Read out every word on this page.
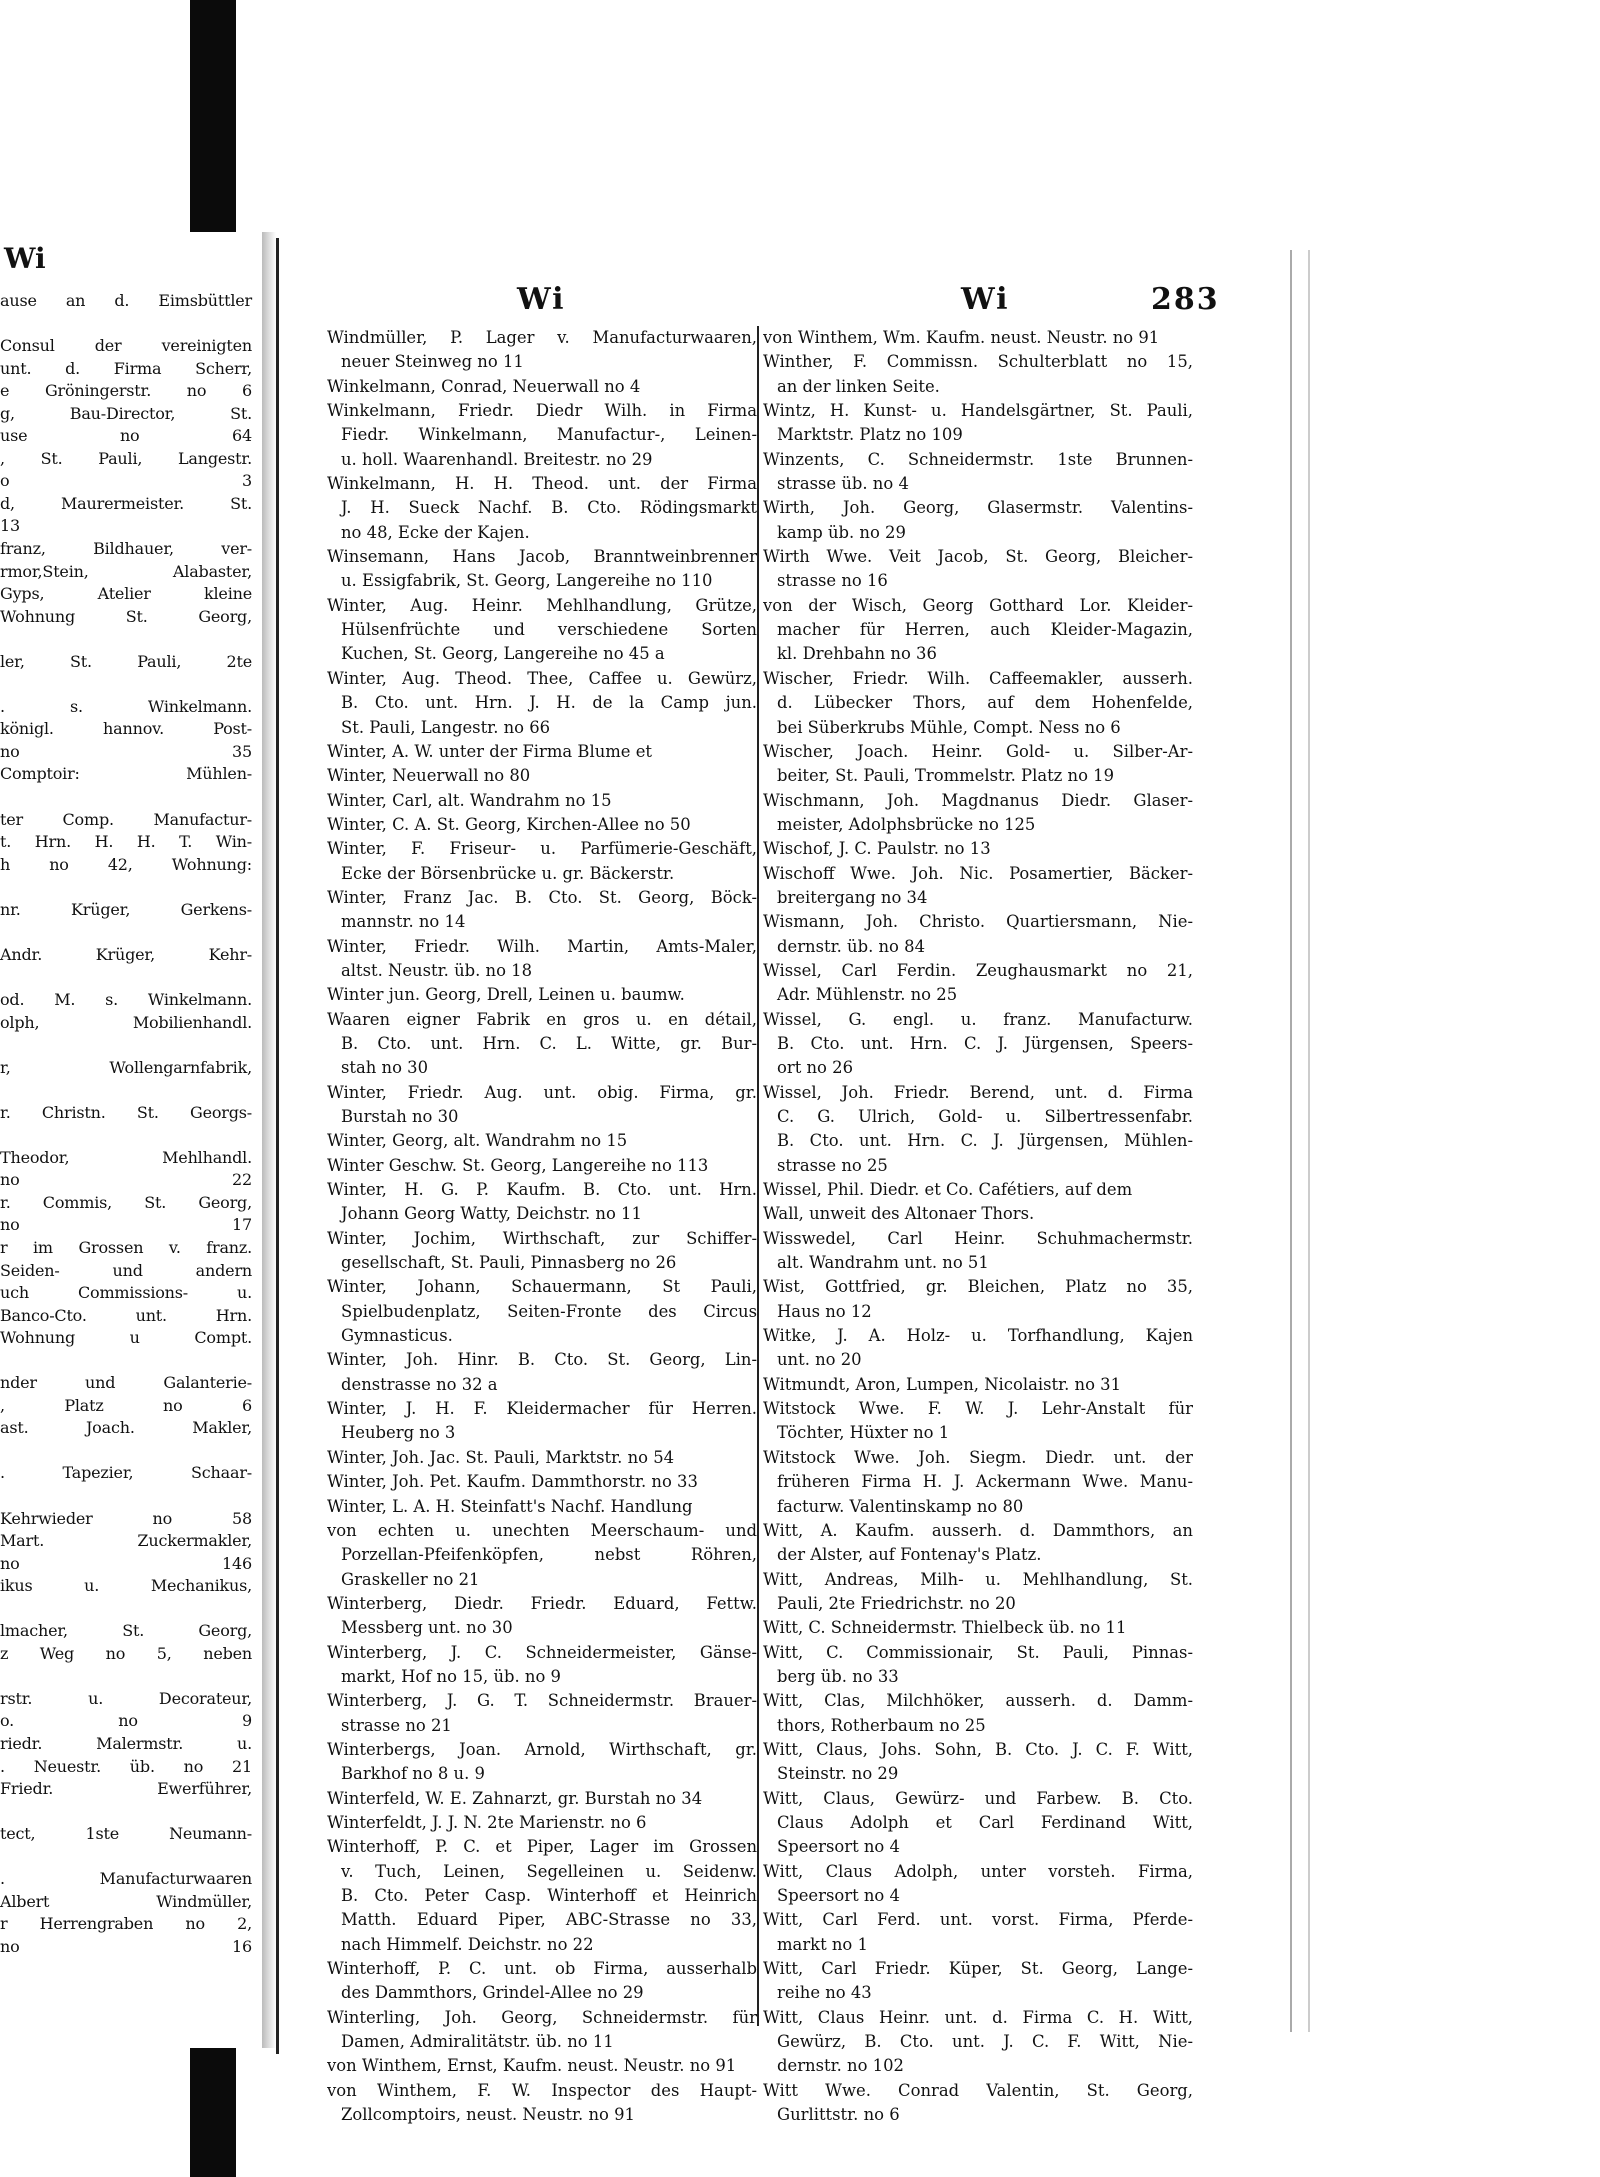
Wi
ause an d. Eimsbüttler
Consul der vereinigten
unt. d. Firma Scherr,
e Gröningerstr. no 6
g, Bau-Director, St.
use no 64
, St. Pauli, Langestr.
o 3
d, Maurermeister. St.
13
franz, Bildhauer, ver-
rmor,Stein, Alabaster,
Gyps, Atelier kleine
Wohnung St. Georg,
ler, St. Pauli, 2te
. s. Winkelmann.
königl. hannov. Post-
no 35
Comptoir: Mühlen-
ter Comp. Manufactur-
t. Hrn. H. H. T. Win-
h no 42, Wohnung:
nr. Krüger, Gerkens-
Andr. Krüger, Kehr-
od. M. s. Winkelmann.
olph, Mobilienhandl.
r, Wollengarnfabrik,
r. Christn. St. Georgs-
Theodor, Mehlhandl.
no 22
r. Commis, St. Georg,
no 17
r im Grossen v. franz.
Seiden- und andern
uch Commissions- u.
Banco-Cto. unt. Hrn.
Wohnung u Compt.
nder und Galanterie-
, Platz no 6
ast. Joach. Makler,
. Tapezier, Schaar-
Kehrwieder no 58
Mart. Zuckermakler,
no 146
ikus u. Mechanikus,
lmacher, St. Georg,
z Weg no 5, neben
rstr. u. Decorateur,
o. no 9
riedr. Malermstr. u.
. Neuestr. üb. no 21
Friedr. Ewerführer,
tect, 1ste Neumann-
. Manufacturwaaren
Albert Windmüller,
r Herrengraben no 2,
no 16
Wi	Wi	283
Windmüller, P. Lager v. Manufacturwaaren,
neuer Steinweg no 11
Winkelmann, Conrad, Neuerwall no 4
Winkelmann, Friedr. Diedr Wilh. in Firma
Fiedr. Winkelmann, Manufactur-, Leinen-
u. holl. Waarenhandl. Breitestr. no 29
Winkelmann, H. H. Theod. unt. der Firma
J. H. Sueck Nachf. B. Cto. Rödingsmarkt
no 48, Ecke der Kajen.
Winsemann, Hans Jacob, Branntweinbrenner
u. Essigfabrik, St. Georg, Langereihe no 110
Winter, Aug. Heinr. Mehlhandlung, Grütze,
Hülsenfrüchte und verschiedene Sorten
Kuchen, St. Georg, Langereihe no 45 a
Winter, Aug. Theod. Thee, Caffee u. Gewürz,
B. Cto. unt. Hrn. J. H. de la Camp jun.
St. Pauli, Langestr. no 66
Winter, A. W. unter der Firma Blume et
Winter, Neuerwall no 80
Winter, Carl, alt. Wandrahm no 15
Winter, C. A. St. Georg, Kirchen-Allee no 50
Winter, F. Friseur- u. Parfümerie-Geschäft,
Ecke der Börsenbrücke u. gr. Bäckerstr.
Winter, Franz Jac. B. Cto. St. Georg, Böck-
mannstr. no 14
Winter, Friedr. Wilh. Martin, Amts-Maler,
altst. Neustr. üb. no 18
Winter jun. Georg, Drell, Leinen u. baumw.
Waaren eigner Fabrik en gros u. en détail,
B. Cto. unt. Hrn. C. L. Witte, gr. Bur-
stah no 30
Winter, Friedr. Aug. unt. obig. Firma, gr.
Burstah no 30
Winter, Georg, alt. Wandrahm no 15
Winter Geschw. St. Georg, Langereihe no 113
Winter, H. G. P. Kaufm. B. Cto. unt. Hrn.
Johann Georg Watty, Deichstr. no 11
Winter, Jochim, Wirthschaft, zur Schiffer-
gesellschaft, St. Pauli, Pinnasberg no 26
Winter, Johann, Schauermann, St Pauli,
Spielbudenplatz, Seiten-Fronte des Circus
Gymnasticus.
Winter, Joh. Hinr. B. Cto. St. Georg, Lin-
denstrasse no 32 a
Winter, J. H. F. Kleidermacher für Herren.
Heuberg no 3
Winter, Joh. Jac. St. Pauli, Marktstr. no 54
Winter, Joh. Pet. Kaufm. Dammthorstr. no 33
Winter, L. A. H. Steinfatt's Nachf. Handlung
von echten u. unechten Meerschaum- und
Porzellan-Pfeifenköpfen, nebst Röhren,
Graskeller no 21
Winterberg, Diedr. Friedr. Eduard, Fettw.
Messberg unt. no 30
Winterberg, J. C. Schneidermeister, Gänse-
markt, Hof no 15, üb. no 9
Winterberg, J. G. T. Schneidermstr. Brauer-
strasse no 21
Winterbergs, Joan. Arnold, Wirthschaft, gr.
Barkhof no 8 u. 9
Winterfeld, W. E. Zahnarzt, gr. Burstah no 34
Winterfeldt, J. J. N. 2te Marienstr. no 6
Winterhoff, P. C. et Piper, Lager im Grossen
v. Tuch, Leinen, Segelleinen u. Seidenw.
B. Cto. Peter Casp. Winterhoff et Heinrich
Matth. Eduard Piper, ABC-Strasse no 33,
nach Himmelf. Deichstr. no 22
Winterhoff, P. C. unt. ob Firma, ausserhalb
des Dammthors, Grindel-Allee no 29
Winterling, Joh. Georg, Schneidermstr. für
Damen, Admiralitätstr. üb. no 11
von Winthem, Ernst, Kaufm. neust. Neustr. no 91
von Winthem, F. W. Inspector des Haupt-
Zollcomptoirs, neust. Neustr. no 91
von Winthem, Wm. Kaufm. neust. Neustr. no 91
Winther, F. Commissn. Schulterblatt no 15,
an der linken Seite.
Wintz, H. Kunst- u. Handelsgärtner, St. Pauli,
Marktstr. Platz no 109
Winzents, C. Schneidermstr. 1ste Brunnen-
strasse üb. no 4
Wirth, Joh. Georg, Glasermstr. Valentins-
kamp üb. no 29
Wirth Wwe. Veit Jacob, St. Georg, Bleicher-
strasse no 16
von der Wisch, Georg Gotthard Lor. Kleider-
macher für Herren, auch Kleider-Magazin,
kl. Drehbahn no 36
Wischer, Friedr. Wilh. Caffeemakler, ausserh.
d. Lübecker Thors, auf dem Hohenfelde,
bei Süberkrubs Mühle, Compt. Ness no 6
Wischer, Joach. Heinr. Gold- u. Silber-Ar-
beiter, St. Pauli, Trommelstr. Platz no 19
Wischmann, Joh. Magdnanus Diedr. Glaser-
meister, Adolphsbrücke no 125
Wischof, J. C. Paulstr. no 13
Wischoff Wwe. Joh. Nic. Posamertier, Bäcker-
breitergang no 34
Wismann, Joh. Christo. Quartiersmann, Nie-
dernstr. üb. no 84
Wissel, Carl Ferdin. Zeughausmarkt no 21,
Adr. Mühlenstr. no 25
Wissel, G. engl. u. franz. Manufacturw.
B. Cto. unt. Hrn. C. J. Jürgensen, Speers-
ort no 26
Wissel, Joh. Friedr. Berend, unt. d. Firma
C. G. Ulrich, Gold- u. Silbertressenfabr.
B. Cto. unt. Hrn. C. J. Jürgensen, Mühlen-
strasse no 25
Wissel, Phil. Diedr. et Co. Cafétiers, auf dem
Wall, unweit des Altonaer Thors.
Wisswedel, Carl Heinr. Schuhmachermstr.
alt. Wandrahm unt. no 51
Wist, Gottfried, gr. Bleichen, Platz no 35,
Haus no 12
Witke, J. A. Holz- u. Torfhandlung, Kajen
unt. no 20
Witmundt, Aron, Lumpen, Nicolaistr. no 31
Witstock Wwe. F. W. J. Lehr-Anstalt für
Töchter, Hüxter no 1
Witstock Wwe. Joh. Siegm. Diedr. unt. der
früheren Firma H. J. Ackermann Wwe. Manu-
facturw. Valentinskamp no 80
Witt, A. Kaufm. ausserh. d. Dammthors, an
der Alster, auf Fontenay's Platz.
Witt, Andreas, Milh- u. Mehlhandlung, St.
Pauli, 2te Friedrichstr. no 20
Witt, C. Schneidermstr. Thielbeck üb. no 11
Witt, C. Commissionair, St. Pauli, Pinnas-
berg üb. no 33
Witt, Clas, Milchhöker, ausserh. d. Damm-
thors, Rotherbaum no 25
Witt, Claus, Johs. Sohn, B. Cto. J. C. F. Witt,
Steinstr. no 29
Witt, Claus, Gewürz- und Farbew. B. Cto.
Claus Adolph et Carl Ferdinand Witt,
Speersort no 4
Witt, Claus Adolph, unter vorsteh. Firma,
Speersort no 4
Witt, Carl Ferd. unt. vorst. Firma, Pferde-
markt no 1
Witt, Carl Friedr. Küper, St. Georg, Lange-
reihe no 43
Witt, Claus Heinr. unt. d. Firma C. H. Witt,
Gewürz, B. Cto. unt. J. C. F. Witt, Nie-
dernstr. no 102
Witt Wwe. Conrad Valentin, St. Georg,
Gurlittstr. no 6
